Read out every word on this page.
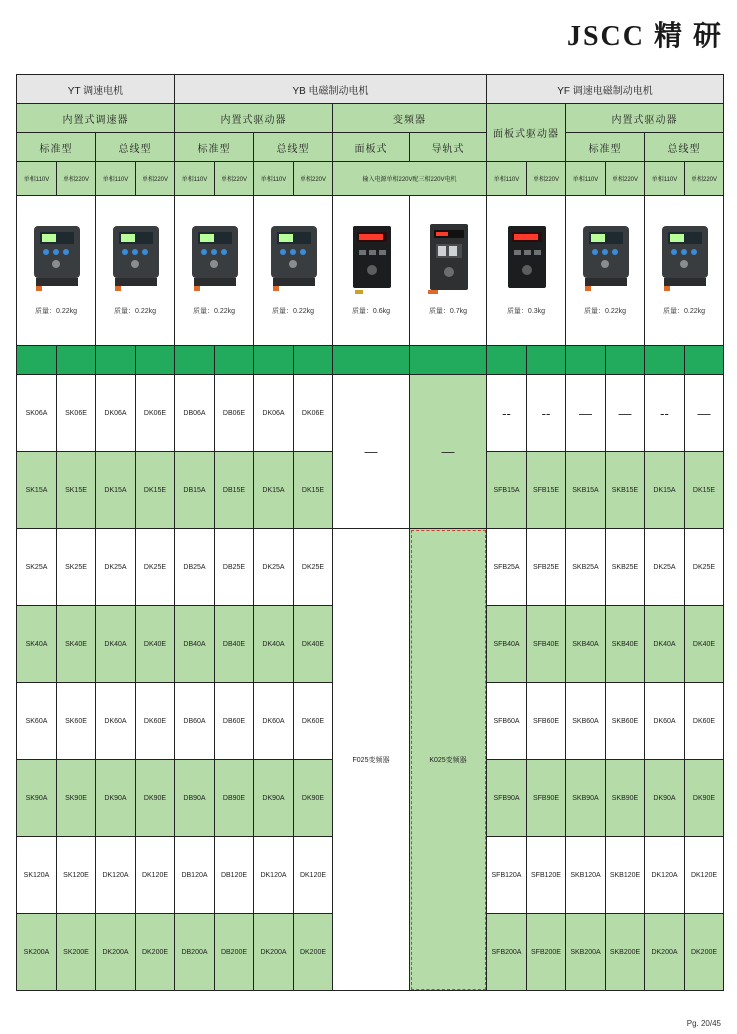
JSCC 精 研
YT 调速电机				YB 电磁制动电机						YF 调速电磁制动电机					
内置式调速器				内置式驱动器				变频器		面板式驱动器		内置式驱动器			
标准型		总线型		标准型		总线型		面板式	导轨式			标准型		总线型	
单相110V	单相220V	单相110V	单相220V	单相110V	单相220V	单相110V	单相220V	输入电源单相220V配三相220V电机		单相110V	单相220V	单相110V	单相220V	单相110V	单相220V

质量：0.22kg		质量：0.22kg		质量：0.22kg		质量：0.22kg		质量：0.6kg	质量：0.7kg	质量：0.3kg		质量：0.22kg		质量：0.22kg	

SK06A	SK06E	DK06A	DK06E	DB06A	DB06E	DK06A	DK06E	—	—	--	--	—	—	--	—
SK15A	SK15E	DK15A	DK15E	DB15A	DB15E	DK15A	DK15E			SFB15A	SFB15E	SKB15A	SKB15E	DK15A	DK15E
SK25A	SK25E	DK25A	DK25E	DB25A	DB25E	DK25A	DK25E	F025变频器	K025变频器	SFB25A	SFB25E	SKB25A	SKB25E	DK25A	DK25E
SK40A	SK40E	DK40A	DK40E	DB40A	DB40E	DK40A	DK40E			SFB40A	SFB40E	SKB40A	SKB40E	DK40A	DK40E
SK60A	SK60E	DK60A	DK60E	DB60A	DB60E	DK60A	DK60E			SFB60A	SFB60E	SKB60A	SKB60E	DK60A	DK60E
SK90A	SK90E	DK90A	DK90E	DB90A	DB90E	DK90A	DK90E			SFB90A	SFB90E	SKB90A	SKB90E	DK90A	DK90E
SK120A	SK120E	DK120A	DK120E	DB120A	DB120E	DK120A	DK120E			SFB120A	SFB120E	SKB120A	SKB120E	DK120A	DK120E
SK200A	SK200E	DK200A	DK200E	DB200A	DB200E	DK200A	DK200E			SFB200A	SFB200E	SKB200A	SKB200E	DK200A	DK200E
Pg. 20/45
